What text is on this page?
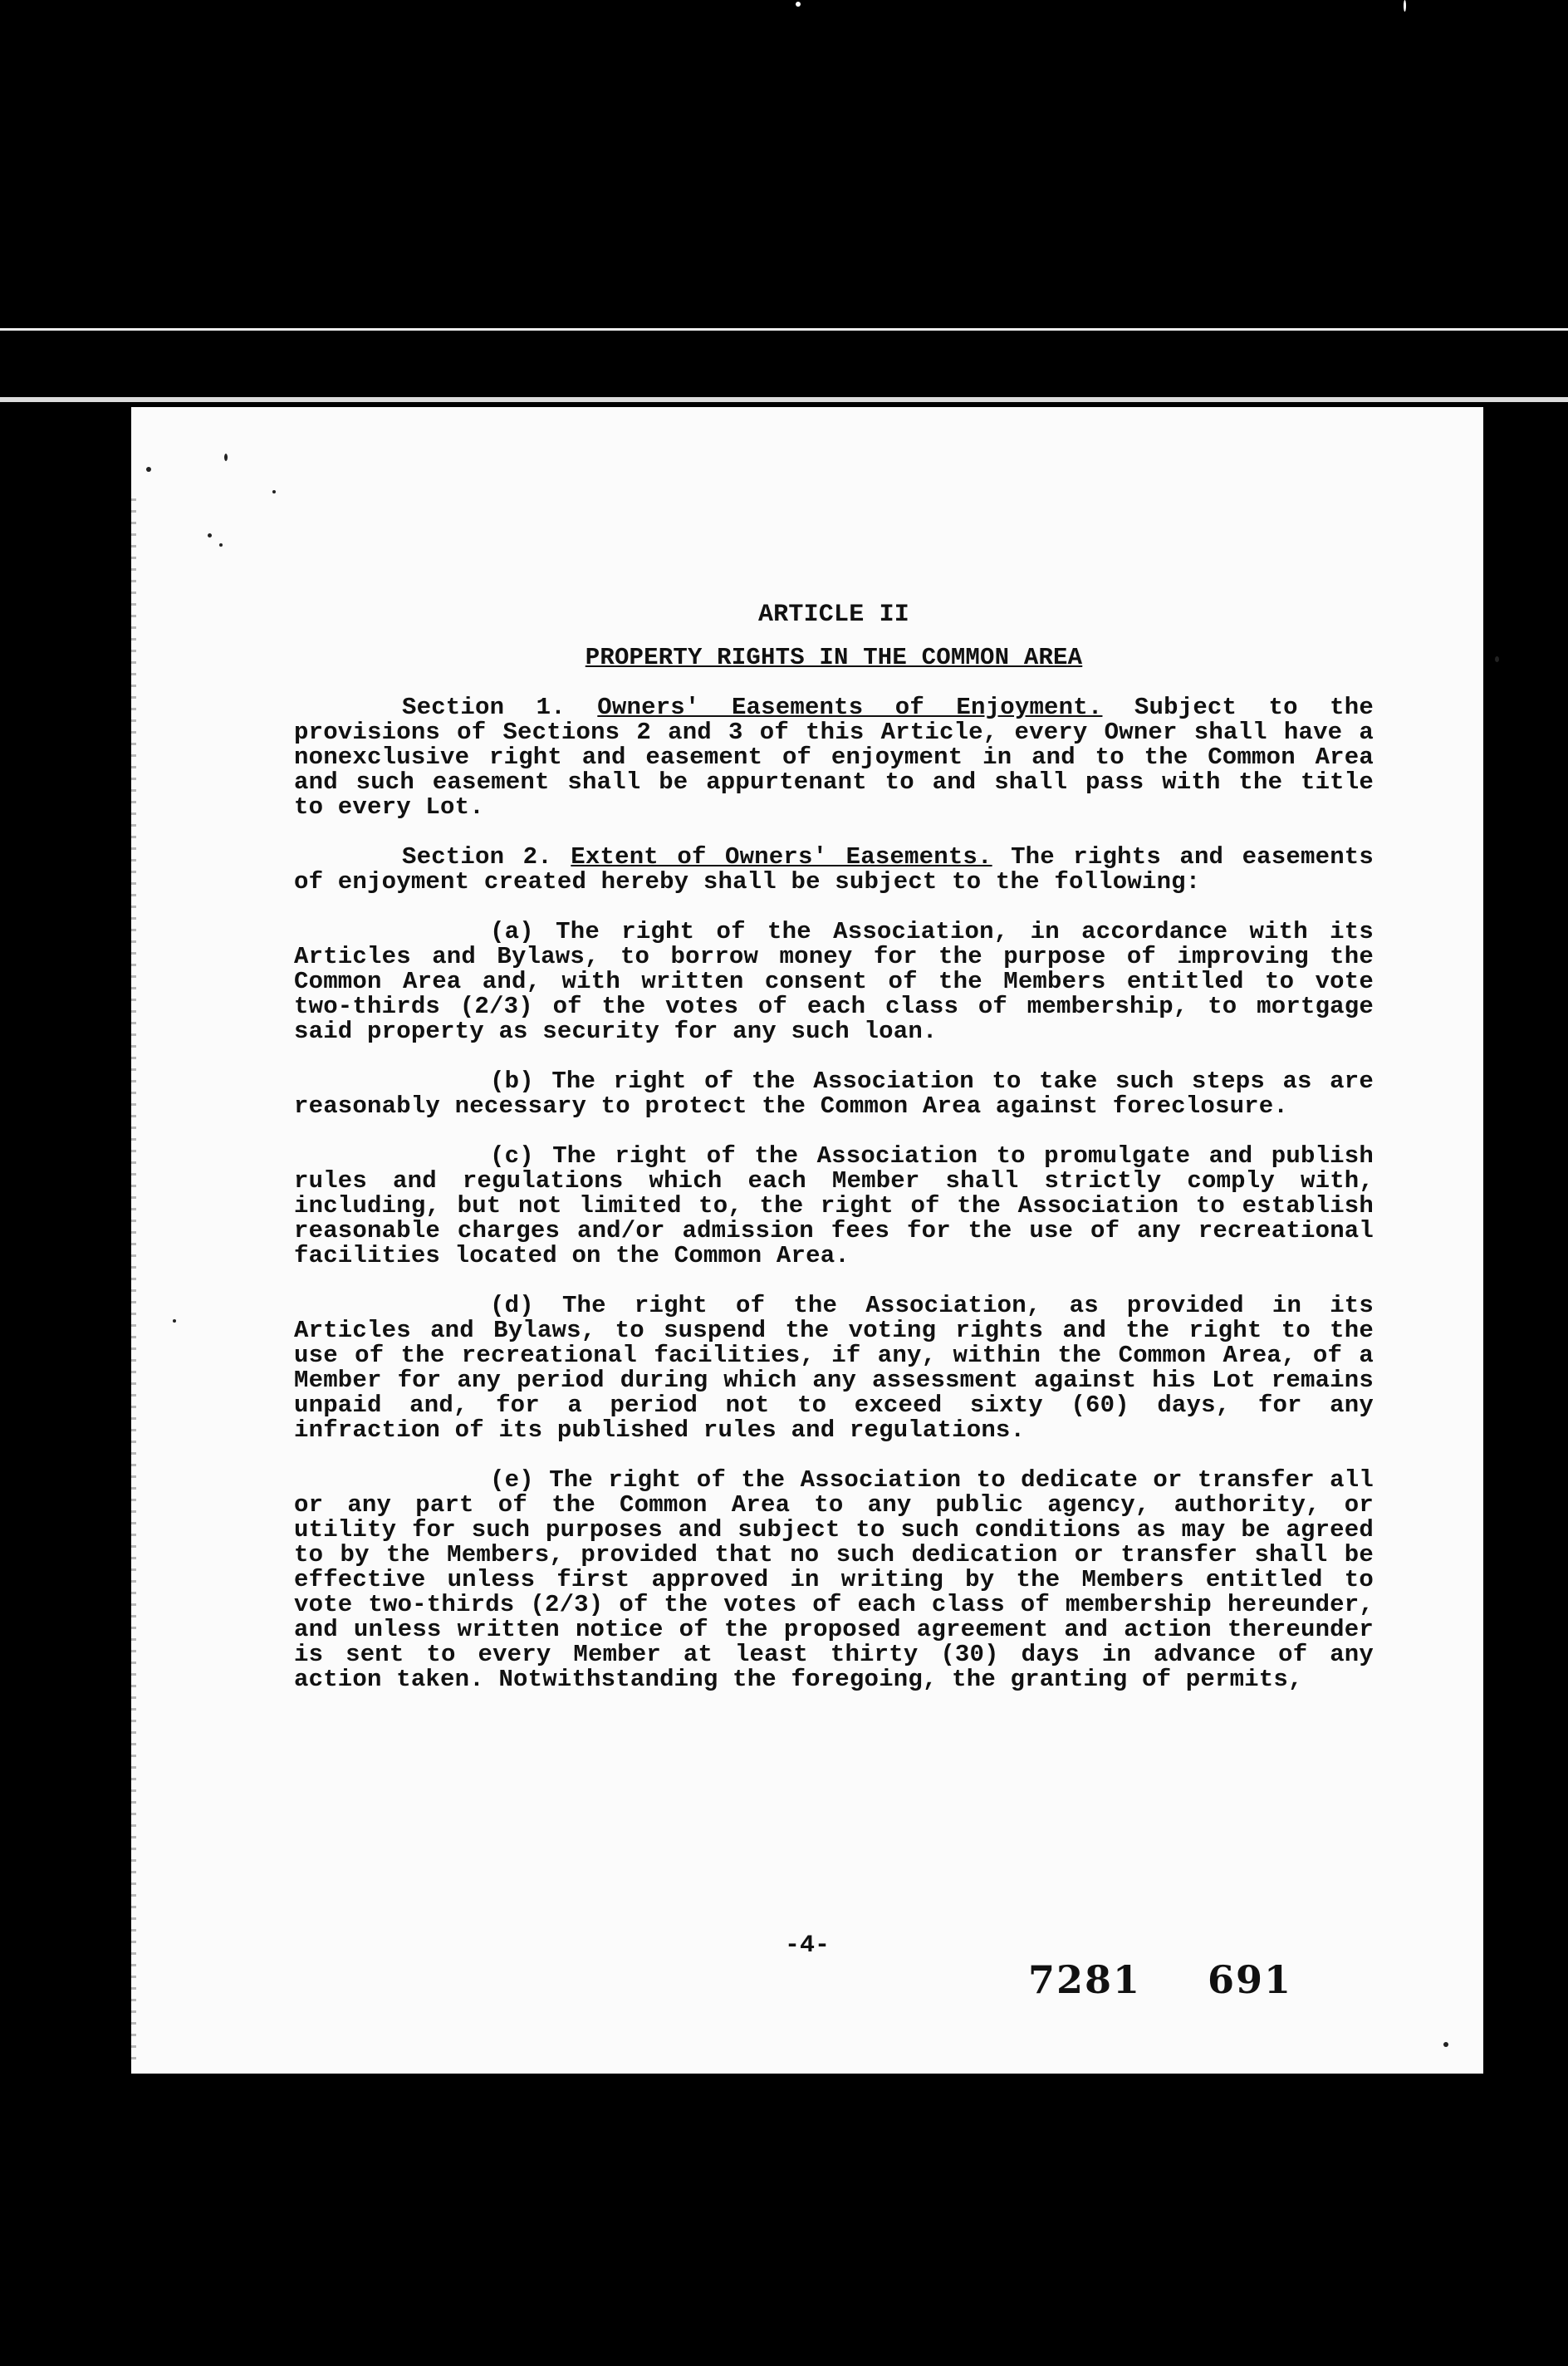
ARTICLE II
PROPERTY RIGHTS IN THE COMMON AREA

Section 1. Owners' Easements of Enjoyment. Subject to the provisions of Sections 2 and 3 of this Article, every Owner shall have a nonexclusive right and easement of enjoyment in and to the Common Area and such easement shall be appurtenant to and shall pass with the title to every Lot.

Section 2. Extent of Owners' Easements. The rights and easements of enjoyment created hereby shall be subject to the following:

(a) The right of the Association, in accordance with its Articles and Bylaws, to borrow money for the purpose of improving the Common Area and, with written consent of the Members entitled to vote two-thirds (2/3) of the votes of each class of membership, to mortgage said property as security for any such loan.

(b) The right of the Association to take such steps as are reasonably necessary to protect the Common Area against foreclosure.

(c) The right of the Association to promulgate and publish rules and regulations which each Member shall strictly comply with, including, but not limited to, the right of the Association to establish reasonable charges and/or admission fees for the use of any recreational facilities located on the Common Area.

(d) The right of the Association, as provided in its Articles and Bylaws, to suspend the voting rights and the right to the use of the recreational facilities, if any, within the Common Area, of a Member for any period during which any assessment against his Lot remains unpaid and, for a period not to exceed sixty (60) days, for any infraction of its published rules and regulations.

(e) The right of the Association to dedicate or transfer all or any part of the Common Area to any public agency, authority, or utility for such purposes and subject to such conditions as may be agreed to by the Members, provided that no such dedication or transfer shall be effective unless first approved in writing by the Members entitled to vote two-thirds (2/3) of the votes of each class of membership hereunder, and unless written notice of the proposed agreement and action thereunder is sent to every Member at least thirty (30) days in advance of any action taken. Notwithstanding the foregoing, the granting of permits,

-4-
7281 691
